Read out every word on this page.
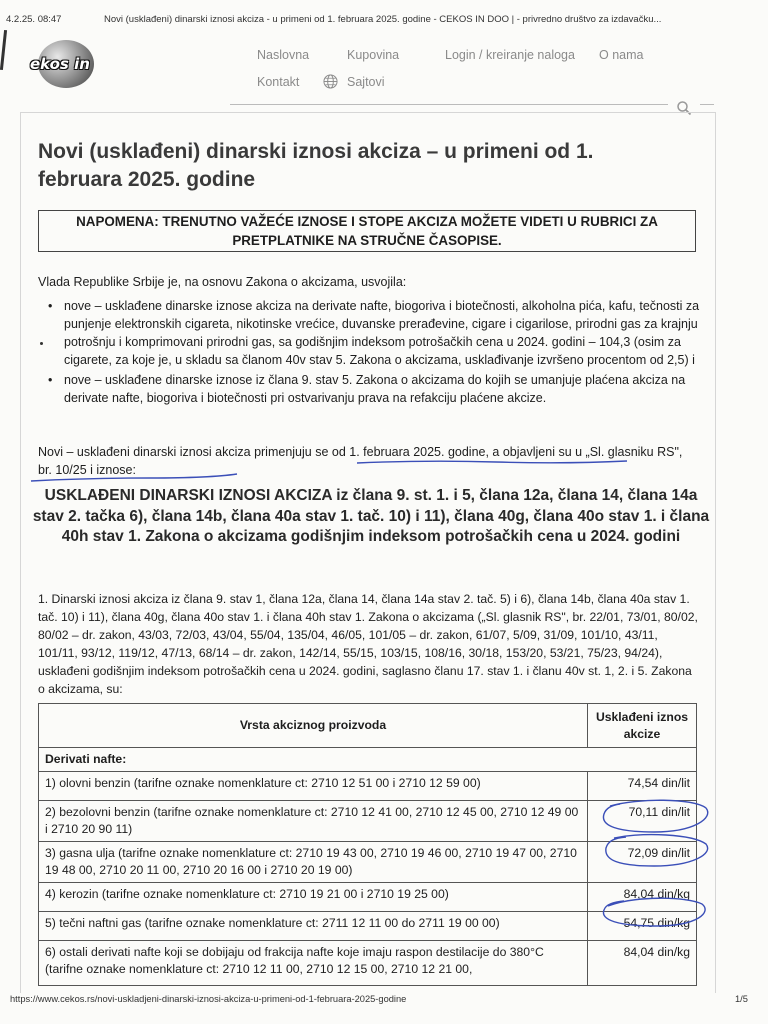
4.2.25. 08:47	Novi (usklađeni) dinarski iznosi akciza - u primeni od 1. februara 2025. godine - CEKOS IN DOO | - privredno društvo za izdavačku...
ekos in	Naslovna	Kupovina	Login / kreiranje naloga O nama
Kontakt	Sajtovi
Novi (usklađeni) dinarski iznosi akciza – u primeni od 1. februara 2025. godine
NAPOMENA: TRENUTNO VAŽEĆE IZNOSE I STOPE AKCIZA MOŽETE VIDETI U RUBRICI ZA PRETPLATNIKE NA STRUČNE ČASOPISE.

Vlada Republike Srbije je, na osnovu Zakona o akcizama, usvojila:

• nove – usklađene dinarske iznose akciza na derivate nafte, biogoriva i biotečnosti, alkoholna pića, kafu, tečnosti za punjenje elektronskih cigareta, nikotinske vrećice, duvanske prerađevine, cigare i cigarilose, prirodni gas za krajnju potrošnju i komprimovani prirodni gas, sa godišnjim indeksom potrošačkih cena u 2024. godini – 104,3 (osim za cigarete, za koje je, u skladu sa članom 40v stav 5. Zakona o akcizama, usklađivanje izvršeno procentom od 2,5) i
• nove – usklađene dinarske iznose iz člana 9. stav 5. Zakona o akcizama do kojih se umanjuje plaćena akciza na derivate nafte, biogoriva i biotečnosti pri ostvarivanju prava na refakciju plaćene akcize.

Novi – usklađeni dinarski iznosi akciza primenjuju se od 1. februara 2025. godine, a objavljeni su u „Sl. glasniku RS", br. 10/25 i iznose:

USKLAĐENI DINARSKI IZNOSI AKCIZA iz člana 9. st. 1. i 5, člana 12a, člana 14, člana 14a stav 2. tačka 6), člana 14b, člana 40a stav 1. tač. 10) i 11), člana 40g, člana 40o stav 1. i člana 40h stav 1. Zakona o akcizama godišnjim indeksom potrošačkih cena u 2024. godini

1. Dinarski iznosi akciza iz člana 9. stav 1, člana 12a, člana 14, člana 14a stav 2. tač. 5) i 6), člana 14b, člana 40a stav 1. tač. 10) i 11), člana 40g, člana 40o stav 1. i člana 40h stav 1. Zakona o akcizama („Sl. glasnik RS", br. 22/01, 73/01, 80/02, 80/02 – dr. zakon, 43/03, 72/03, 43/04, 55/04, 135/04, 46/05, 101/05 – dr. zakon, 61/07, 5/09, 31/09, 101/10, 43/11, 101/11, 93/12, 119/12, 47/13, 68/14 – dr. zakon, 142/14, 55/15, 103/15, 108/16, 30/18, 153/20, 53/21, 75/23, 94/24), usklađeni godišnjim indeksom potrošačkih cena u 2024. godini, saglasno članu 17. stav 1. i članu 40v st. 1, 2. i 5. Zakona o akcizama, su:

Vrsta akciznog proizvoda	Usklađeni iznos akcize
Derivati nafte:	
1) olovni benzin (tarifne oznake nomenklature ct: 2710 12 51 00 i 2710 12 59 00)	74,54 din/lit
2) bezolovni benzin (tarifne oznake nomenklature ct: 2710 12 41 00, 2710 12 45 00, 2710 12 49 00 i 2710 20 90 11)	70,11 din/lit
3) gasna ulja (tarifne oznake nomenklature ct: 2710 19 43 00, 2710 19 46 00, 2710 19 47 00, 2710 19 48 00, 2710 20 11 00, 2710 20 16 00 i 2710 20 19 00)	72,09 din/lit
4) kerozin (tarifne oznake nomenklature ct: 2710 19 21 00 i 2710 19 25 00)	84,04 din/kg
5) tečni naftni gas (tarifne oznake nomenklature ct: 2711 12 11 00 do 2711 19 00 00)	54,75 din/kg
6) ostali derivati nafte koji se dobijaju od frakcija nafte koje imaju raspon destilacije do 380°C (tarifne oznake nomenklature ct: 2710 12 11 00, 2710 12 15 00, 2710 12 21 00,	84,04 din/kg
https://www.cekos.rs/novi-uskladjeni-dinarski-iznosi-akciza-u-primeni-od-1-februara-2025-godine	1/5
